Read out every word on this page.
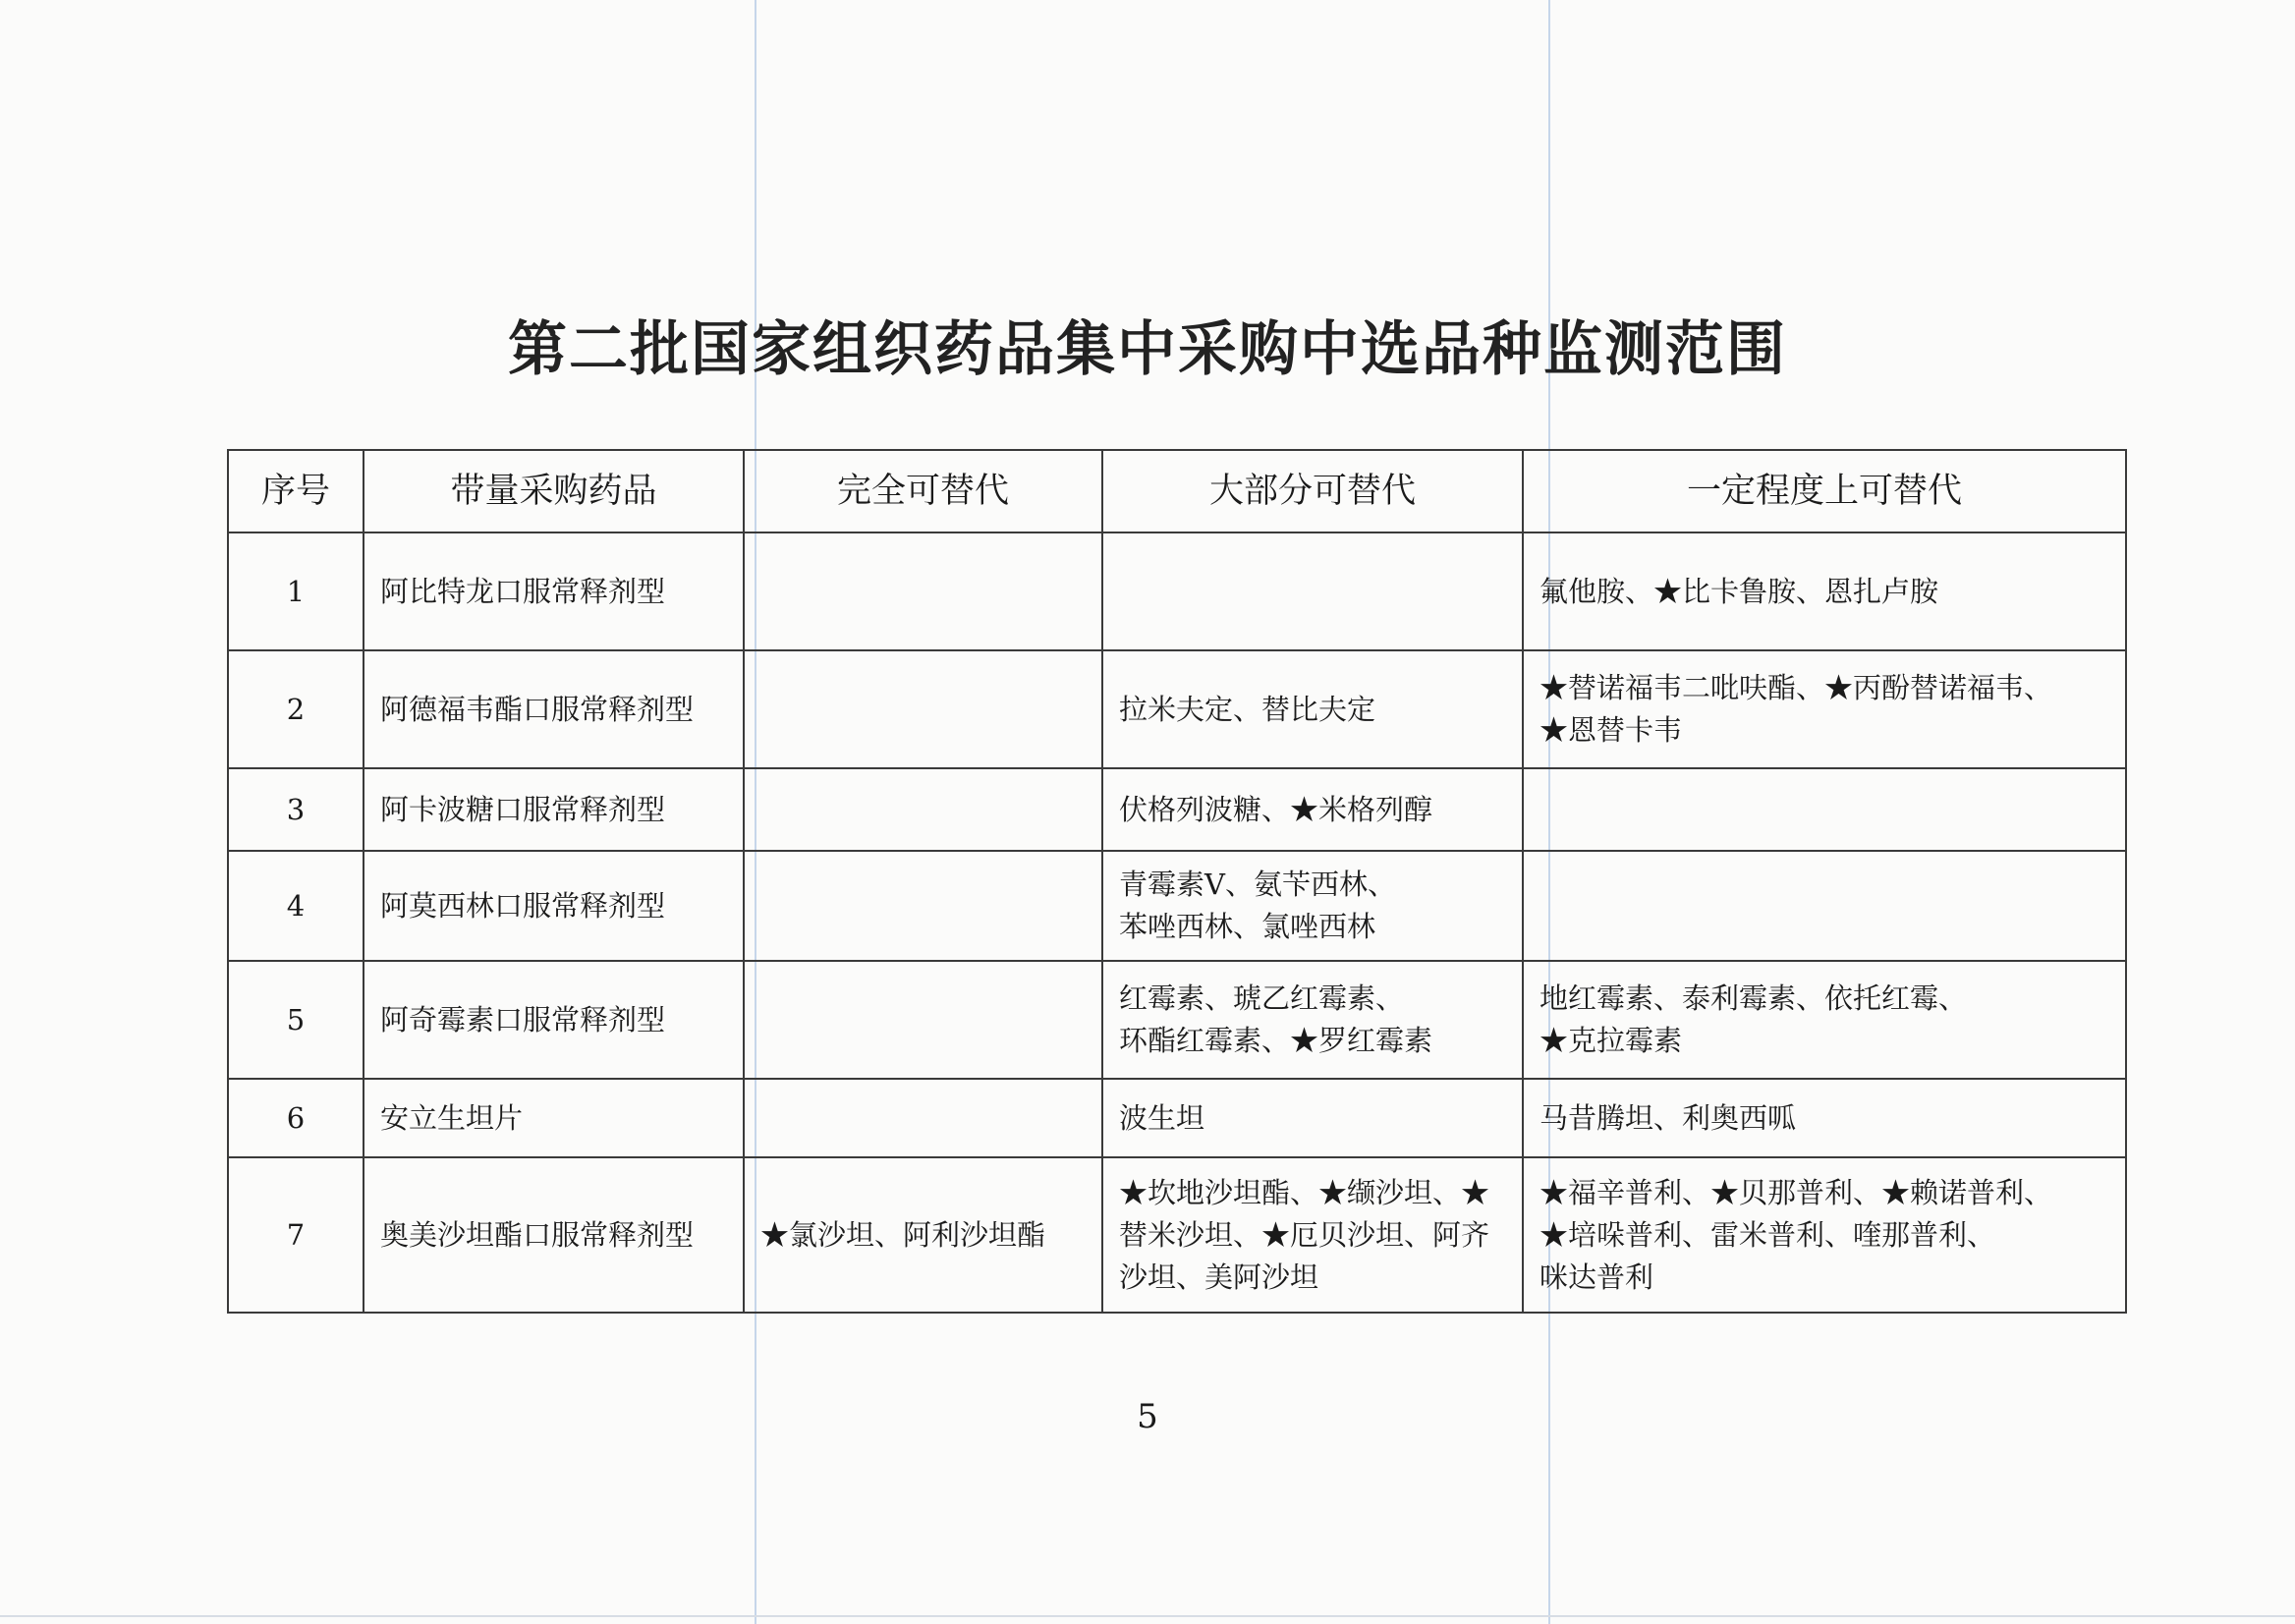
第二批国家组织药品集中采购中选品种监测范围
序号	带量采购药品	完全可替代	大部分可替代	一定程度上可替代
1	阿比特龙口服常释剂型			氟他胺、★比卡鲁胺、恩扎卢胺

2	阿德福韦酯口服常释剂型		拉米夫定、替比夫定	★替诺福韦二吡呋酯、★丙酚替诺福韦、
★恩替卡韦

3	阿卡波糖口服常释剂型		伏格列波糖、★米格列醇	

4	阿莫西林口服常释剂型		青霉素V、氨苄西林、
苯唑西林、氯唑西林	

5	阿奇霉素口服常释剂型		红霉素、琥乙红霉素、
环酯红霉素、★罗红霉素	地红霉素、泰利霉素、依托红霉、
★克拉霉素

6	安立生坦片		波生坦	马昔腾坦、利奥西呱

7	奥美沙坦酯口服常释剂型	★氯沙坦、阿利沙坦酯	★坎地沙坦酯、★缬沙坦、★
替米沙坦、★厄贝沙坦、阿齐
沙坦、美阿沙坦	★福辛普利、★贝那普利、★赖诺普利、
★培哚普利、雷米普利、喹那普利、
咪达普利
5
